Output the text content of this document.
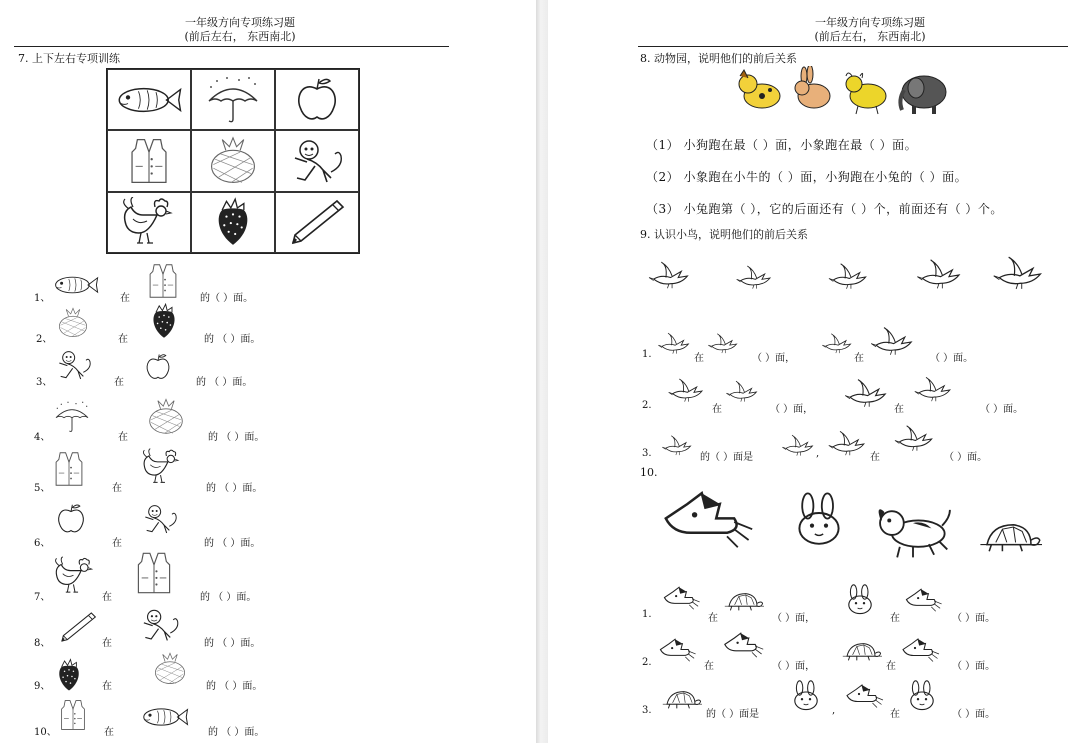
一年级方向专项练习题
(前后左右， 东西南北)
7. 上下左右专项训练
1、	在	的（ ）面。
2、	在	的 （ ）面。
3、	在	的 （ ）面。
4、	在	的 （ ）面。
5、	在	的 （ ）面。
6、	在	的 （ ）面。
7、	在	的 （ ）面。
8、	在	的 （ ）面。
9、	在	的 （ ）面。
10、	在	的 （ ）面。
一年级方向专项练习题
(前后左右， 东西南北)
8. 动物园，说明他们的前后关系
（1） 小狗跑在最（ ）面，小象跑在最（ ）面。
（2） 小象跑在小牛的（ ）面，小狗跑在小兔的（ ）面。
（3） 小兔跑第（ ），它的后面还有（ ）个，前面还有（ ）个。
9. 认识小鸟，说明他们的前后关系
1.	在	（ ）面，	在	（ ）面。
2.	在	（ ）面，	在	（ ）面。
3.	的（ ）面是	,	在	（ ）面。
10.
1.	在	（ ）面，	在	（ ）面。
2.	在	（ ）面，	在	（ ）面。
3.	的（ ）面是	,	在	（ ）面。
